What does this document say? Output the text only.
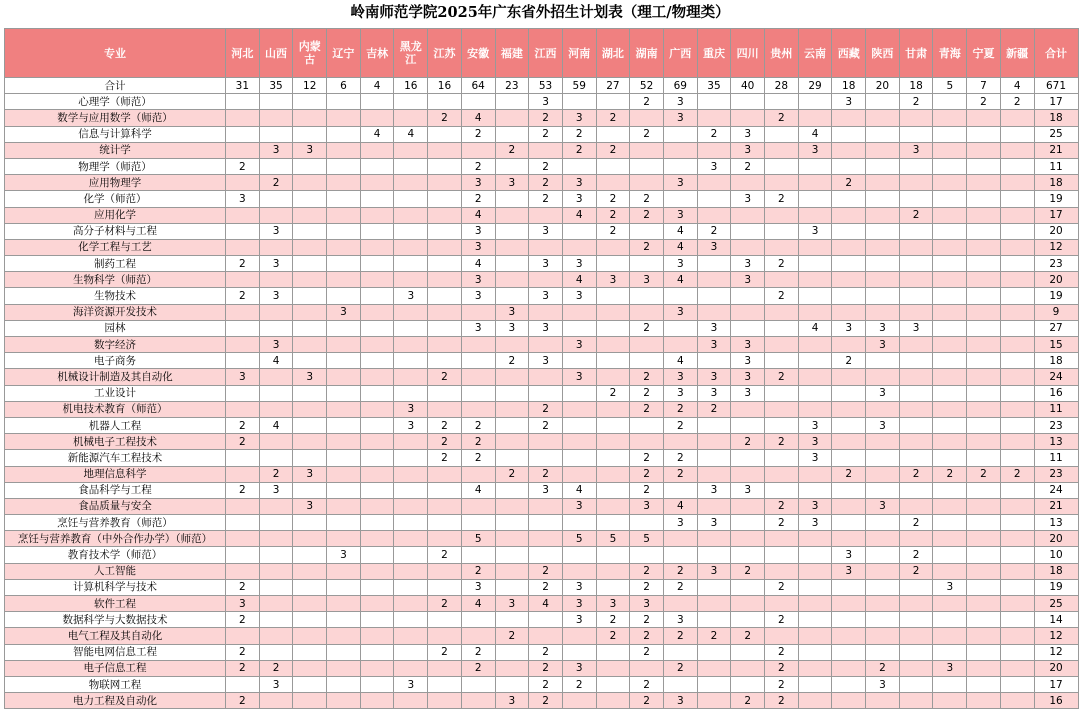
岭南师范学院2025年广东省外招生计划表（理工/物理类）
专业	河北	山西	内蒙古	辽宁	吉林	黑龙江	江苏	安徽	福建	江西	河南	湖北	湖南	广西	重庆	四川	贵州	云南	西藏	陕西	甘肃	青海	宁夏	新疆	合计
合计	31	35	12	6	4	16	16	64	23	53	59	27	52	69	35	40	28	29	18	20	18	5	7	4	671
心理学（师范）										3			2	3					3		2		2	2	17
数学与应用数学（师范）							2	4		2	3	2		3			2								18
信息与计算科学					4	4		2		2	2		2		2	3		4							25
统计学		3	3						2		2	2				3		3			3				21
物理学（师范）	2							2		2					3	2									11
应用物理学		2						3	3	2	3			3					2						18
化学（师范）	3							2		2	3	2	2			3	2								19
应用化学								4			4	2	2	3							2				17
高分子材料与工程		3						3		3		2		4	2			3							20
化学工程与工艺								3					2	4	3										12
制药工程	2	3						4		3	3			3		3	2								23
生物科学（师范）								3			4	3	3	4		3									20
生物技术	2	3				3		3		3	3						2								19
海洋资源开发技术				3					3					3											9
园林								3	3	3			2		3			4	3	3	3				27
数字经济		3									3				3	3				3					15
电子商务		4							2	3				4		3			2						18
机械设计制造及其自动化	3		3				2				3		2	3	3	3	2								24
工业设计												2	2	3	3	3				3					16
机电技术教育（师范）						3				2			2	2	2										11
机器人工程	2	4				3	2	2		2				2				3		3					23
机械电子工程技术	2						2	2								2	2	3							13
新能源汽车工程技术							2	2					2	2				3							11
地理信息科学		2	3						2	2			2	2					2		2	2	2	2	23
食品科学与工程	2	3						4		3	4		2		3	3									24
食品质量与安全			3								3		3	4			2	3		3					21
烹饪与营养教育（师范）														3	3		2	3			2				13
烹饪与营养教育（中外合作办学）（师范）								5			5	5	5												20
教育技术学（师范）				3			2												3		2				10
人工智能								2		2			2	2	3	2			3		2				18
计算机科学与技术	2							3		2	3		2	2			2					3			19
软件工程	3						2	4	3	4	3	3	3												25
数据科学与大数据技术	2										3	2	2	3			2								14
电气工程及其自动化									2			2	2	2	2	2									12
智能电网信息工程	2						2	2		2			2				2								12
电子信息工程	2	2						2		2	3			2			2			2		3			20
物联网工程		3				3				2	2		2				2			3					17
电力工程及自动化	2								3	2			2	3		2	2								16
